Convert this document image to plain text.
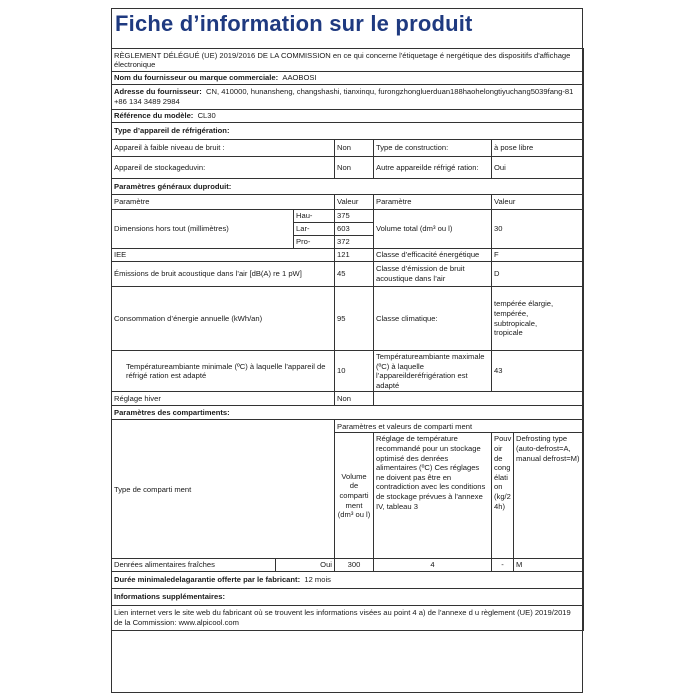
Fiche d’information sur le produit
RÈGLEMENT DÉLÉGUÉ (UE) 2019/2016 DE LA COMMISSION en ce qui concerne l'étiquetage é nergétique des dispositifs d'affichage électronique						
Nom du fournisseur ou marque commerciale: AAOBOSI						
Adresse du fournisseur: CN, 410000, hunansheng, changshashi, tianxinqu, furongzhongluerduan188haohelongtiyuchang5039fang-81 +86 134 3489 2984						
Référence du modèle: CL30						
Type d’appareil de réfrigération:						
Appareil à faible niveau de bruit :			Non	Type de construction:	à pose libre	
Appareil de stockageduvin:			Non	Autre appareilde réfrigé ration:	Oui	
Paramètres généraux duproduit:						
Paramètre			Valeur	Paramètre	Valeur	
Dimensions hors tout (millimètres)		Hau-	375	Volume total (dm³ ou l)	30	
		Lar-	603			
		Pro-	372			
IEE			121	Classe d’efficacité énergétique	F	
Émissions de bruit acoustique dans l’air [dB(A) re 1 pW]			45	Classe d’émission de bruit acoustique dans l’air	D	
Consommation d’énergie annuelle (kWh/an)			95	Classe climatique:	tempérée élargie,
tempérée,
subtropicale,
tropicale	

Températureambiante minimale (ºC) à laquelle l’appareil de réfrigé ration est adapté			10	Températureambiante maximale (ºC) à laquelle l’appareilderéfrigération est adapté	43	
Réglage hiver			Non			
Paramètres des compartiments:						
Type de comparti ment			Paramètres et valeurs de comparti ment			
			Volume de comparti ment (dm³ ou l)	Réglage de température recommandé pour un stockage optimisé des denrées alimentaires (ºC) Ces réglages ne doivent pas être en contradiction avec les conditions de stockage prévues à l’annexe IV, tableau 3	Pouv oir de cong élati on (kg/2 4h)	Defrosting type (auto-defrost=A, manual defrost=M)
Denrées alimentaires fraîches	Oui		300	4	-	M
Durée minimaledelagarantie offerte par le fabricant: 12 mois						
Informations supplémentaires:						
Lien internet vers le site web du fabricant où se trouvent les informations visées au point 4 a) de l’annexe d u règlement (UE) 2019/2019 de la Commission: www.alpicool.com						
